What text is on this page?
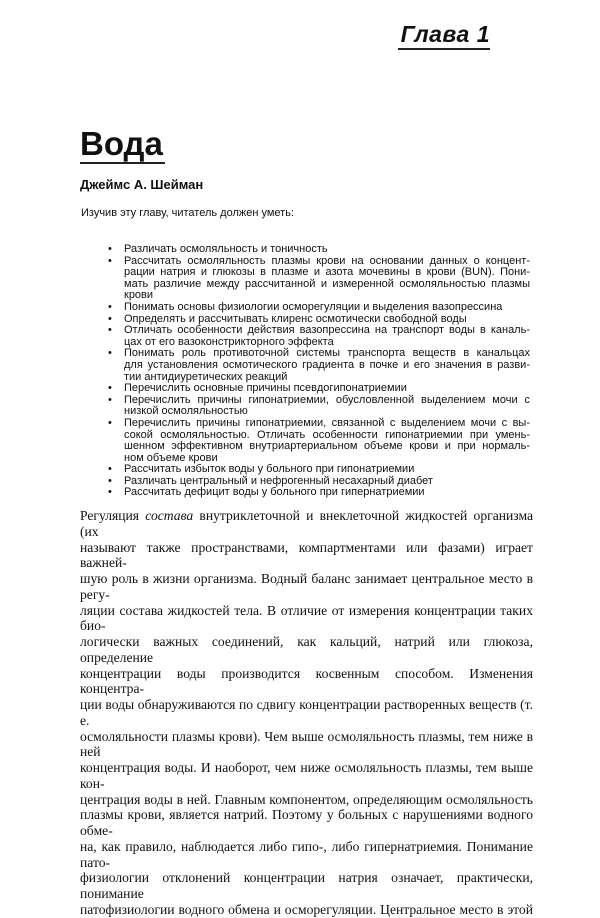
Глава 1
Вода
Джеймс А. Шейман
Изучив эту главу, читатель должен уметь:
• Различать осмоляльность и тоничность
• Рассчитать осмоляльность плазмы крови на основании данных о концент-
рации натрия и глюкозы в плазме и азота мочевины в крови (BUN). Пони-
мать различие между рассчитанной и измеренной осмоляльностью плазмы
крови
• Понимать основы физиологии осморегуляции и выделения вазопрессина
• Определять и рассчитывать клиренс осмотически свободной воды
• Отличать особенности действия вазопрессина на транспорт воды в каналь-
цах от его вазоконстрикторного эффекта
• Понимать роль противоточной системы транспорта веществ в канальцах
для установления осмотического градиента в почке и его значения в разви-
тии антидиуретических реакций
• Перечислить основные причины псевдогипонатриемии
• Перечислить причины гипонатриемии, обусловленной выделением мочи с
низкой осмоляльностью
• Перечислить причины гипонатриемии, связанной с выделением мочи с вы-
сокой осмоляльностью. Отличать особенности гипонатриемии при умень-
шенном эффективном внутриартериальном объеме крови и при нормаль-
ном объеме крови
• Рассчитать избыток воды у больного при гипонатриемии
• Различать центральный и нефрогенный несахарный диабет
• Рассчитать дефицит воды у больного при гипернатриемии
Регуляция состава внутриклеточной и внеклеточной жидкостей организма (их
называют также пространствами, компартментами или фазами) играет важней-
шую роль в жизни организма. Водный баланс занимает центральное место в регу-
ляции состава жидкостей тела. В отличие от измерения концентрации таких био-
логически важных соединений, как кальций, натрий или глюкоза, определение
концентрации воды производится косвенным способом. Изменения концентра-
ции воды обнаруживаются по сдвигу концентрации растворенных веществ (т. е.
осмоляльности плазмы крови). Чем выше осмоляльность плазмы, тем ниже в ней
концентрация воды. И наоборот, чем ниже осмоляльность плазмы, тем выше кон-
центрация воды в ней. Главным компонентом, определяющим осмоляльность
плазмы крови, является натрий. Поэтому у больных с нарушениями водного обме-
на, как правило, наблюдается либо гипо-, либо гипернатриемия. Понимание пато-
физиологии отклонений концентрации натрия означает, практически, понимание
патофизиологии водного обмена и осморегуляции. Центральное место в этой
